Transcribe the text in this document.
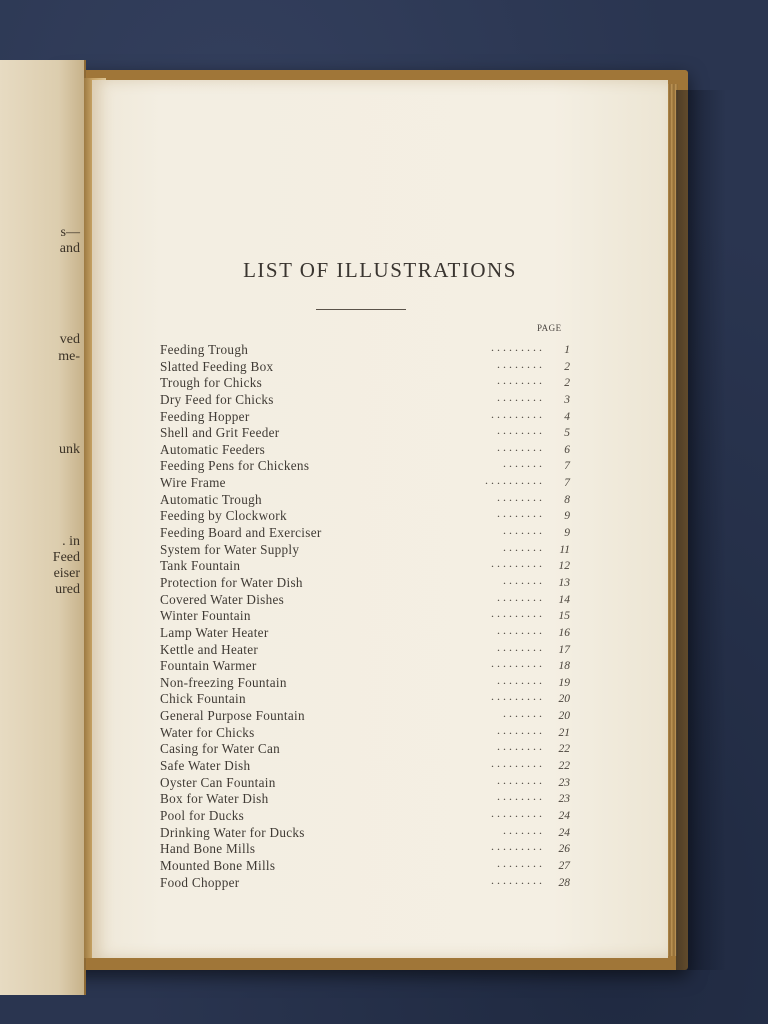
s—
and
ved
me-
unk
. in
Feed
eiser
ured
LIST OF ILLUSTRATIONS
PAGE
. . . . . . . . .
Feeding Trough	1
. . . . . . . .
Slatted Feeding Box	2
. . . . . . . .
Trough for Chicks	2
. . . . . . . .
Dry Feed for Chicks	3
. . . . . . . . .
Feeding Hopper	4
. . . . . . . .
Shell and Grit Feeder	5
. . . . . . . .
Automatic Feeders	6
. . . . . . .
Feeding Pens for Chickens	7
. . . . . . . . . .
Wire Frame	7
. . . . . . . .
Automatic Trough	8
. . . . . . . .
Feeding by Clockwork	9
. . . . . . .
Feeding Board and Exerciser	9
. . . . . . .
System for Water Supply	11
. . . . . . . . .
Tank Fountain	12
. . . . . . .
Protection for Water Dish	13
. . . . . . . .
Covered Water Dishes	14
. . . . . . . . .
Winter Fountain	15
. . . . . . . .
Lamp Water Heater	16
. . . . . . . .
Kettle and Heater	17
. . . . . . . . .
Fountain Warmer	18
. . . . . . . .
Non-freezing Fountain	19
. . . . . . . . .
Chick Fountain	20
. . . . . . .
General Purpose Fountain	20
. . . . . . . .
Water for Chicks	21
. . . . . . . .
Casing for Water Can	22
. . . . . . . . .
Safe Water Dish	22
. . . . . . . .
Oyster Can Fountain	23
. . . . . . . .
Box for Water Dish	23
. . . . . . . . .
Pool for Ducks	24
. . . . . . .
Drinking Water for Ducks	24
. . . . . . . . .
Hand Bone Mills	26
. . . . . . . .
Mounted Bone Mills	27
. . . . . . . . .
Food Chopper	28
